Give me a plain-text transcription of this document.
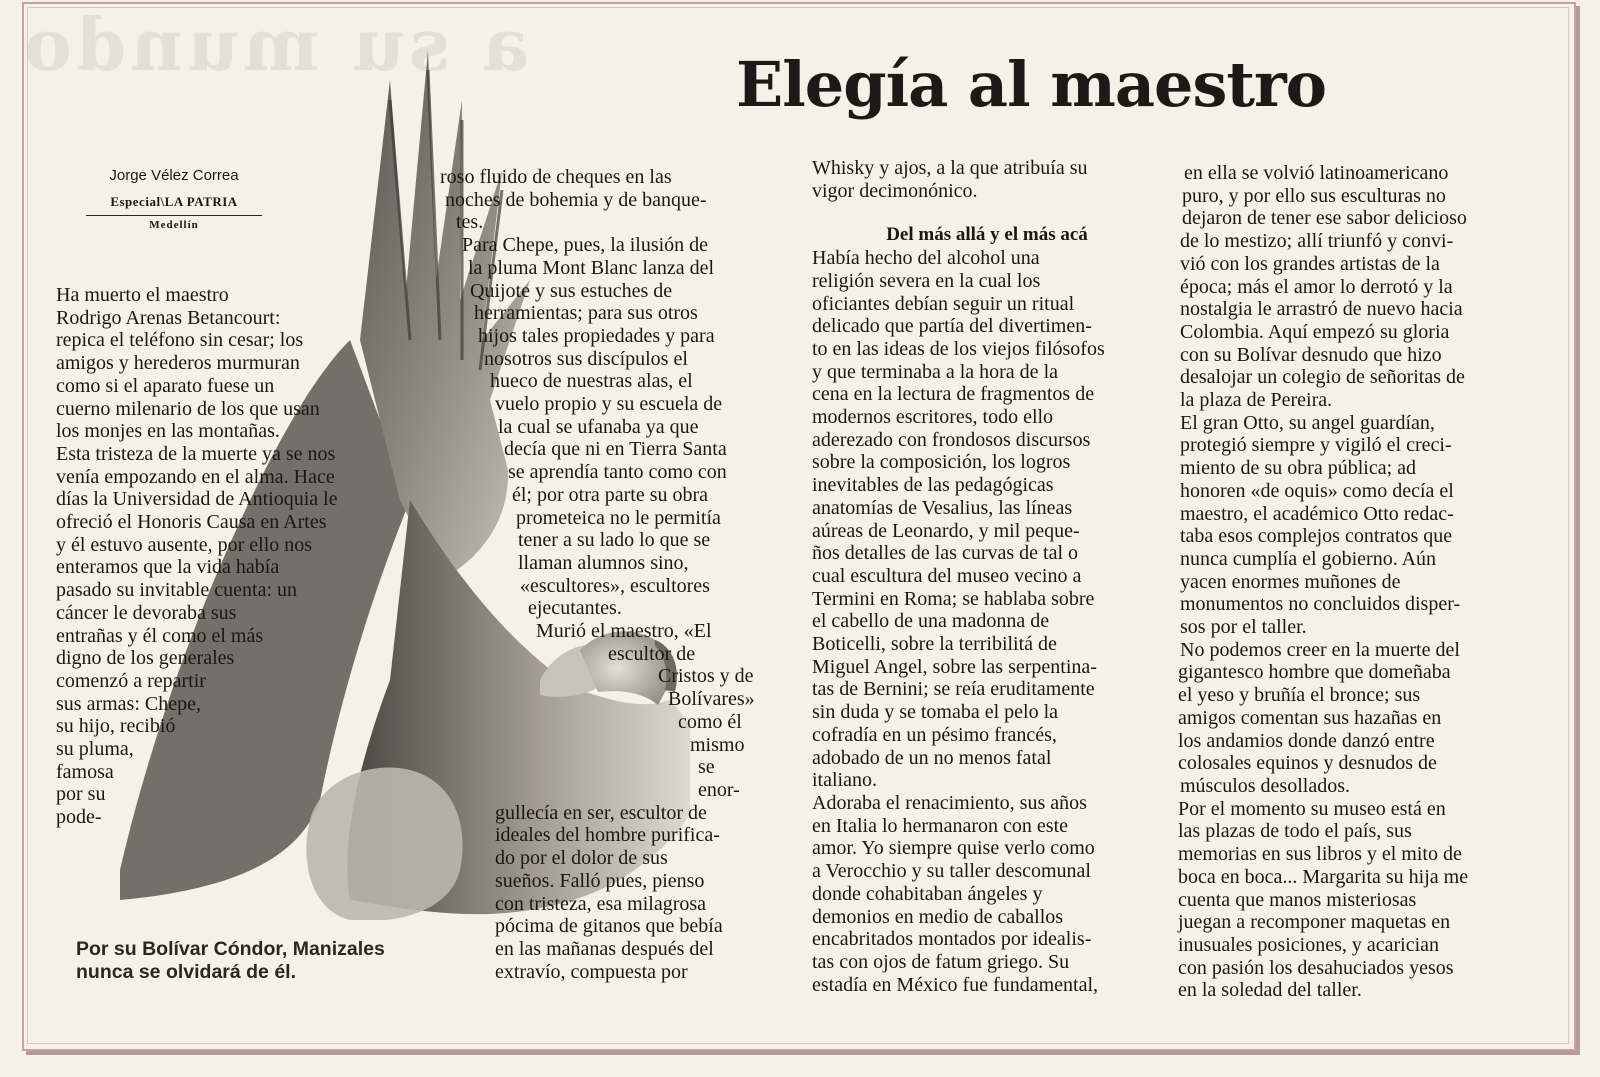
a su mundo	Elegía al maestro
Jorge Vélez Correa
Especial\LA PATRIA
Medellín

Por su Bolívar Cóndor, Manizales
nunca se olvidará de él.

Ha muerto el maestro
Rodrigo Arenas Betancourt:
repica el teléfono sin cesar; los
amigos y herederos murmuran
como si el aparato fuese un
cuerno milenario de los que usan
los monjes en las montañas.
Esta tristeza de la muerte ya se nos
venía empozando en el alma. Hace
días la Universidad de Antioquia le
ofreció el Honoris Causa en Artes
y él estuvo ausente, por ello nos
enteramos que la vida había
pasado su invitable cuenta: un
cáncer le devoraba sus
entrañas y él como el más
digno de los generales
comenzó a repartir
sus armas: Chepe,
su hijo, recibió
su pluma,
famosa
por su
pode-
roso fluido de cheques en las
noches de bohemia y de banque-
tes.
Para Chepe, pues, la ilusión de
la pluma Mont Blanc lanza del
Quijote y sus estuches de
herramientas; para sus otros
hijos tales propiedades y para
nosotros sus discípulos el
hueco de nuestras alas, el
vuelo propio y su escuela de
la cual se ufanaba ya que
decía que ni en Tierra Santa
se aprendía tanto como con
él; por otra parte su obra
prometeica no le permitía
tener a su lado lo que se
llaman alumnos sino,
«escultores», escultores
ejecutantes.
Murió el maestro, «El
escultor de
Cristos y de
Bolívares»
como él
mismo
se
enor-
gullecía en ser, escultor de
ideales del hombre purifica-
do por el dolor de sus
sueños. Falló pues, pienso
con tristeza, esa milagrosa
pócima de gitanos que bebía
en las mañanas después del
extravío, compuesta por
Whisky y ajos, a la que atribuía su
vigor decimonónico.
Del más allá y el más acá
Había hecho del alcohol una
religión severa en la cual los
oficiantes debían seguir un ritual
delicado que partía del divertimen-
to en las ideas de los viejos filósofos
y que terminaba a la hora de la
cena en la lectura de fragmentos de
modernos escritores, todo ello
aderezado con frondosos discursos
sobre la composición, los logros
inevitables de las pedagógicas
anatomías de Vesalius, las líneas
aúreas de Leonardo, y mil peque-
ños detalles de las curvas de tal o
cual escultura del museo vecino a
Termini en Roma; se hablaba sobre
el cabello de una madonna de
Boticelli, sobre la terribilitá de
Miguel Angel, sobre las serpentina-
tas de Bernini; se reía eruditamente
sin duda y se tomaba el pelo la
cofradía en un pésimo francés,
adobado de un no menos fatal
italiano.
Adoraba el renacimiento, sus años
en Italia lo hermanaron con este
amor. Yo siempre quise verlo como
a Verocchio y su taller descomunal
donde cohabitaban ángeles y
demonios en medio de caballos
encabritados montados por idealis-
tas con ojos de fatum griego. Su
estadía en México fue fundamental,
en ella se volvió latinoamericano
puro, y por ello sus esculturas no
dejaron de tener ese sabor delicioso
de lo mestizo; allí triunfó y convi-
vió con los grandes artistas de la
época; más el amor lo derrotó y la
nostalgia le arrastró de nuevo hacia
Colombia. Aquí empezó su gloria
con su Bolívar desnudo que hizo
desalojar un colegio de señoritas de
la plaza de Pereira.
El gran Otto, su angel guardían,
protegió siempre y vigiló el creci-
miento de su obra pública; ad
honoren «de oquis» como decía el
maestro, el académico Otto redac-
taba esos complejos contratos que
nunca cumplía el gobierno. Aún
yacen enormes muñones de
monumentos no concluidos disper-
sos por el taller.
No podemos creer en la muerte del
gigantesco hombre que domeñaba
el yeso y bruñía el bronce; sus
amigos comentan sus hazañas en
los andamios donde danzó entre
colosales equinos y desnudos de
músculos desollados.
Por el momento su museo está en
las plazas de todo el país, sus
memorias en sus libros y el mito de
boca en boca... Margarita su hija me
cuenta que manos misteriosas
juegan a recomponer maquetas en
inusuales posiciones, y acarician
con pasión los desahuciados yesos
en la soledad del taller.
